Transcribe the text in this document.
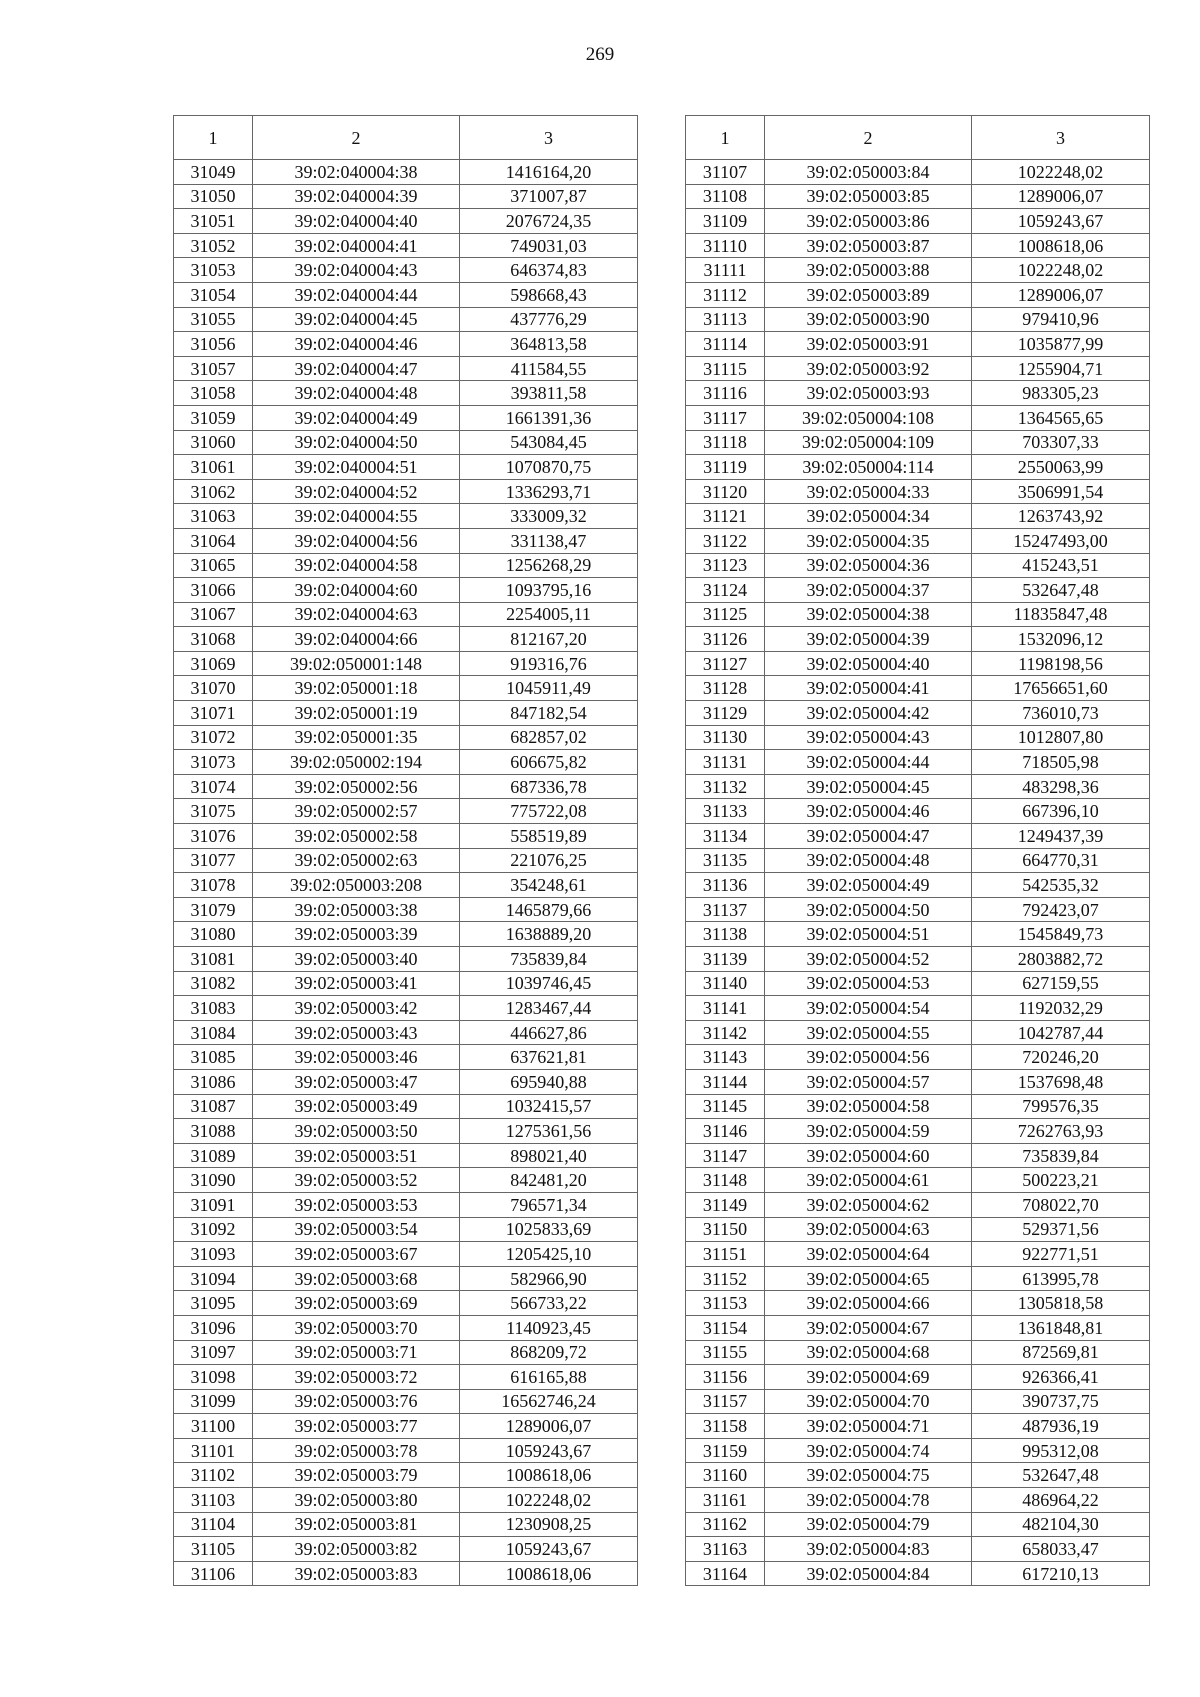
269
1	2	3
31049	39:02:040004:38	1416164,20
31050	39:02:040004:39	371007,87
31051	39:02:040004:40	2076724,35
31052	39:02:040004:41	749031,03
31053	39:02:040004:43	646374,83
31054	39:02:040004:44	598668,43
31055	39:02:040004:45	437776,29
31056	39:02:040004:46	364813,58
31057	39:02:040004:47	411584,55
31058	39:02:040004:48	393811,58
31059	39:02:040004:49	1661391,36
31060	39:02:040004:50	543084,45
31061	39:02:040004:51	1070870,75
31062	39:02:040004:52	1336293,71
31063	39:02:040004:55	333009,32
31064	39:02:040004:56	331138,47
31065	39:02:040004:58	1256268,29
31066	39:02:040004:60	1093795,16
31067	39:02:040004:63	2254005,11
31068	39:02:040004:66	812167,20
31069	39:02:050001:148	919316,76
31070	39:02:050001:18	1045911,49
31071	39:02:050001:19	847182,54
31072	39:02:050001:35	682857,02
31073	39:02:050002:194	606675,82
31074	39:02:050002:56	687336,78
31075	39:02:050002:57	775722,08
31076	39:02:050002:58	558519,89
31077	39:02:050002:63	221076,25
31078	39:02:050003:208	354248,61
31079	39:02:050003:38	1465879,66
31080	39:02:050003:39	1638889,20
31081	39:02:050003:40	735839,84
31082	39:02:050003:41	1039746,45
31083	39:02:050003:42	1283467,44
31084	39:02:050003:43	446627,86
31085	39:02:050003:46	637621,81
31086	39:02:050003:47	695940,88
31087	39:02:050003:49	1032415,57
31088	39:02:050003:50	1275361,56
31089	39:02:050003:51	898021,40
31090	39:02:050003:52	842481,20
31091	39:02:050003:53	796571,34
31092	39:02:050003:54	1025833,69
31093	39:02:050003:67	1205425,10
31094	39:02:050003:68	582966,90
31095	39:02:050003:69	566733,22
31096	39:02:050003:70	1140923,45
31097	39:02:050003:71	868209,72
31098	39:02:050003:72	616165,88
31099	39:02:050003:76	16562746,24
31100	39:02:050003:77	1289006,07
31101	39:02:050003:78	1059243,67
31102	39:02:050003:79	1008618,06
31103	39:02:050003:80	1022248,02
31104	39:02:050003:81	1230908,25
31105	39:02:050003:82	1059243,67
31106	39:02:050003:83	1008618,06
1	2	3
31107	39:02:050003:84	1022248,02
31108	39:02:050003:85	1289006,07
31109	39:02:050003:86	1059243,67
31110	39:02:050003:87	1008618,06
31111	39:02:050003:88	1022248,02
31112	39:02:050003:89	1289006,07
31113	39:02:050003:90	979410,96
31114	39:02:050003:91	1035877,99
31115	39:02:050003:92	1255904,71
31116	39:02:050003:93	983305,23
31117	39:02:050004:108	1364565,65
31118	39:02:050004:109	703307,33
31119	39:02:050004:114	2550063,99
31120	39:02:050004:33	3506991,54
31121	39:02:050004:34	1263743,92
31122	39:02:050004:35	15247493,00
31123	39:02:050004:36	415243,51
31124	39:02:050004:37	532647,48
31125	39:02:050004:38	11835847,48
31126	39:02:050004:39	1532096,12
31127	39:02:050004:40	1198198,56
31128	39:02:050004:41	17656651,60
31129	39:02:050004:42	736010,73
31130	39:02:050004:43	1012807,80
31131	39:02:050004:44	718505,98
31132	39:02:050004:45	483298,36
31133	39:02:050004:46	667396,10
31134	39:02:050004:47	1249437,39
31135	39:02:050004:48	664770,31
31136	39:02:050004:49	542535,32
31137	39:02:050004:50	792423,07
31138	39:02:050004:51	1545849,73
31139	39:02:050004:52	2803882,72
31140	39:02:050004:53	627159,55
31141	39:02:050004:54	1192032,29
31142	39:02:050004:55	1042787,44
31143	39:02:050004:56	720246,20
31144	39:02:050004:57	1537698,48
31145	39:02:050004:58	799576,35
31146	39:02:050004:59	7262763,93
31147	39:02:050004:60	735839,84
31148	39:02:050004:61	500223,21
31149	39:02:050004:62	708022,70
31150	39:02:050004:63	529371,56
31151	39:02:050004:64	922771,51
31152	39:02:050004:65	613995,78
31153	39:02:050004:66	1305818,58
31154	39:02:050004:67	1361848,81
31155	39:02:050004:68	872569,81
31156	39:02:050004:69	926366,41
31157	39:02:050004:70	390737,75
31158	39:02:050004:71	487936,19
31159	39:02:050004:74	995312,08
31160	39:02:050004:75	532647,48
31161	39:02:050004:78	486964,22
31162	39:02:050004:79	482104,30
31163	39:02:050004:83	658033,47
31164	39:02:050004:84	617210,13
